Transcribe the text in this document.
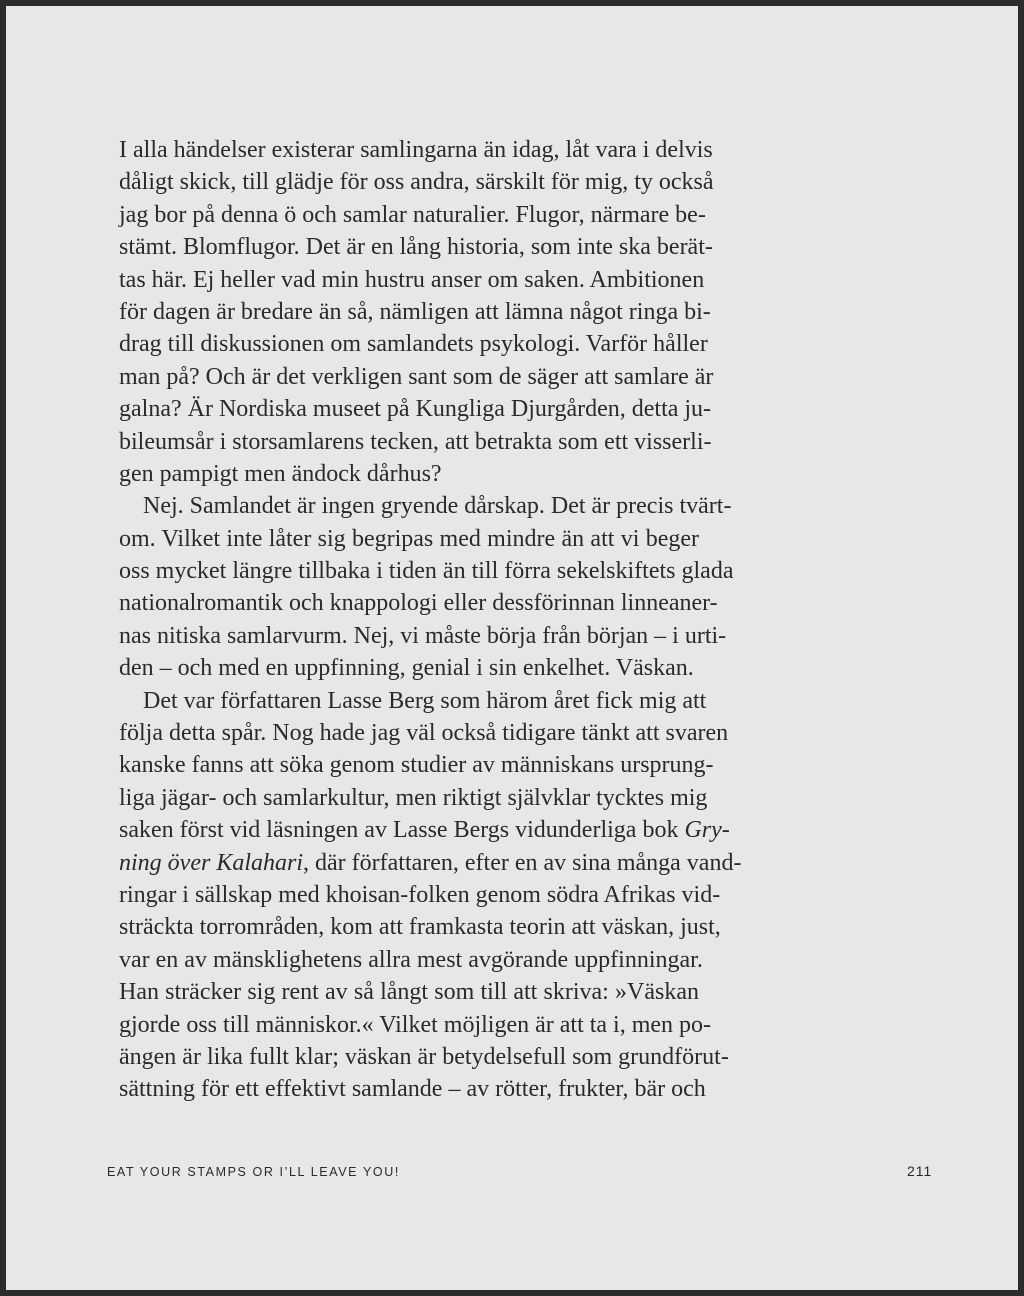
I alla händelser existerar samlingarna än idag, låt vara i delvis
dåligt skick, till glädje för oss andra, särskilt för mig, ty också
jag bor på denna ö och samlar naturalier. Flugor, närmare be-
stämt. Blomflugor. Det är en lång historia, som inte ska berät-
tas här. Ej heller vad min hustru anser om saken. Ambitionen
för dagen är bredare än så, nämligen att lämna något ringa bi-
drag till diskussionen om samlandets psykologi. Varför håller
man på? Och är det verkligen sant som de säger att samlare är
galna? Är Nordiska museet på Kungliga Djurgården, detta ju-
bileumsår i storsamlarens tecken, att betrakta som ett visserli-
gen pampigt men ändock dårhus?
Nej. Samlandet är ingen gryende dårskap. Det är precis tvärt-
om. Vilket inte låter sig begripas med mindre än att vi beger
oss mycket längre tillbaka i tiden än till förra sekelskiftets glada
nationalromantik och knappologi eller dessförinnan linneaner-
nas nitiska samlarvurm. Nej, vi måste börja från början – i urti-
den – och med en uppfinning, genial i sin enkelhet. Väskan.
Det var författaren Lasse Berg som härom året fick mig att
följa detta spår. Nog hade jag väl också tidigare tänkt att svaren
kanske fanns att söka genom studier av människans ursprung-
liga jägar- och samlarkultur, men riktigt självklar tycktes mig
saken först vid läsningen av Lasse Bergs vidunderliga bok Gry-
ning över Kalahari, där författaren, efter en av sina många vand-
ringar i sällskap med khoisan-folken genom södra Afrikas vid-
sträckta torrområden, kom att framkasta teorin att väskan, just,
var en av mänsklighetens allra mest avgörande uppfinningar.
Han sträcker sig rent av så långt som till att skriva: »Väskan
gjorde oss till människor.« Vilket möjligen är att ta i, men po-
ängen är lika fullt klar; väskan är betydelsefull som grundförut-
sättning för ett effektivt samlande – av rötter, frukter, bär och
EAT YOUR STAMPS OR I’LL LEAVE YOU!	211
